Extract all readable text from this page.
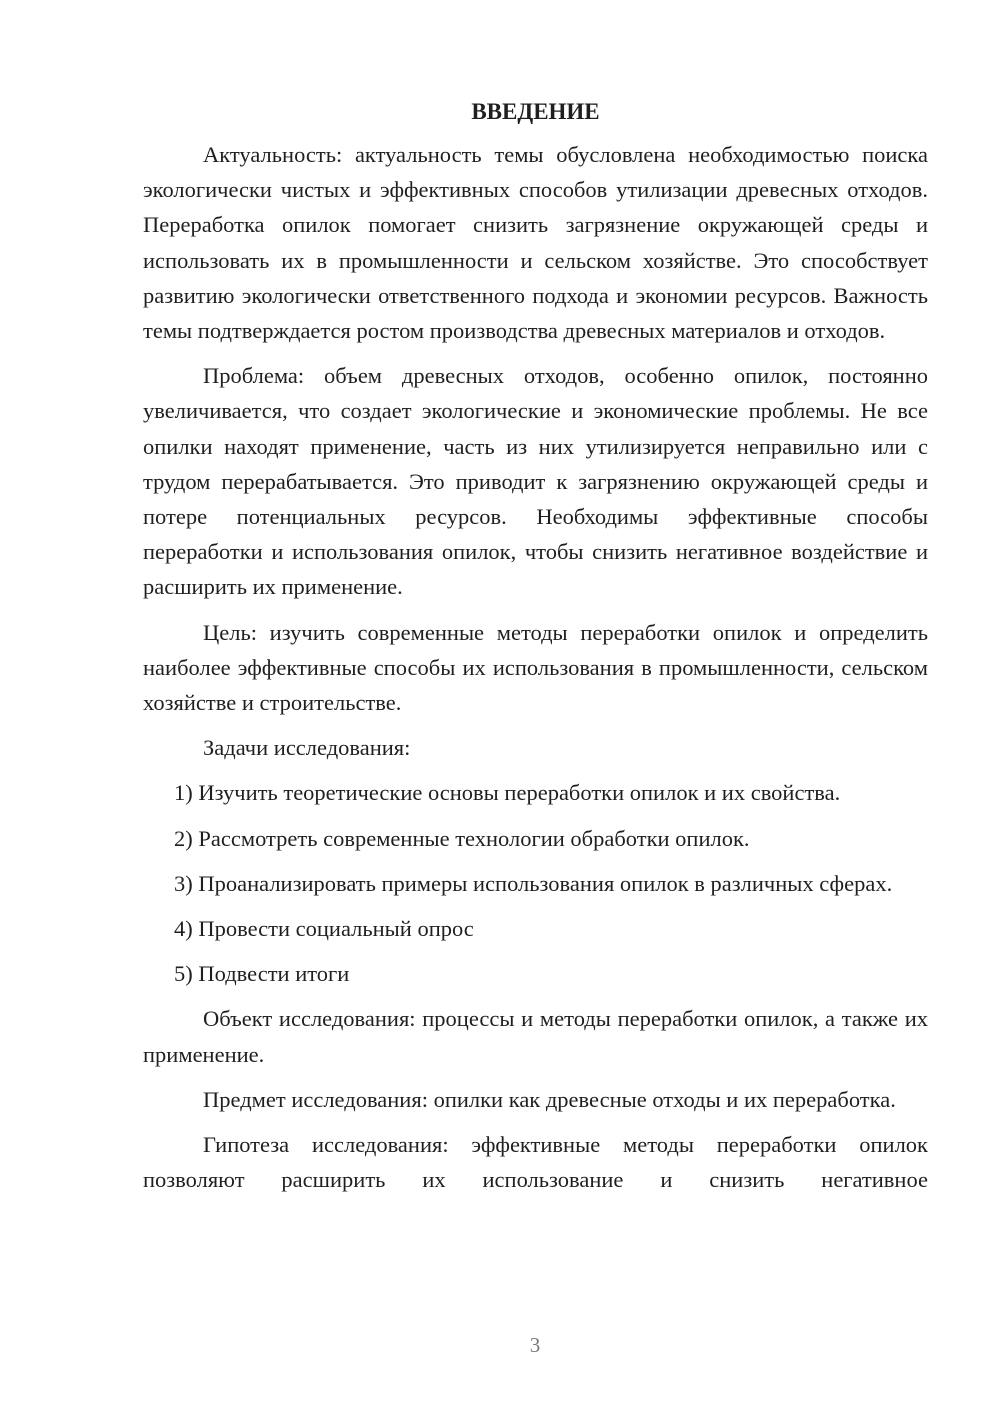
ВВЕДЕНИЕ

Актуальность: актуальность темы обусловлена необходимостью поиска экологически чистых и эффективных способов утилизации древесных отходов. Переработка опилок помогает снизить загрязнение окружающей среды и использовать их в промышленности и сельском хозяйстве. Это способствует развитию экологически ответственного подхода и экономии ресурсов. Важность темы подтверждается ростом производства древесных материалов и отходов.

Проблема: объем древесных отходов, особенно опилок, постоянно увеличивается, что создает экологические и экономические проблемы. Не все опилки находят применение, часть из них утилизируется неправильно или с трудом перерабатывается. Это приводит к загрязнению окружающей среды и потере потенциальных ресурсов. Необходимы эффективные способы переработки и использования опилок, чтобы снизить негативное воздействие и расширить их применение.

Цель: изучить современные методы переработки опилок и определить наиболее эффективные способы их использования в промышленности, сельском хозяйстве и строительстве.

Задачи исследования:

1) Изучить теоретические основы переработки опилок и их свойства.

2) Рассмотреть современные технологии обработки опилок.

3) Проанализировать примеры использования опилок в различных сферах.

4) Провести социальный опрос

5) Подвести итоги

Объект исследования: процессы и методы переработки опилок, а также их применение.

Предмет исследования: опилки как древесные отходы и их переработка.

Гипотеза исследования: эффективные методы переработки опилок позволяют расширить их использование и снизить негативное

3
